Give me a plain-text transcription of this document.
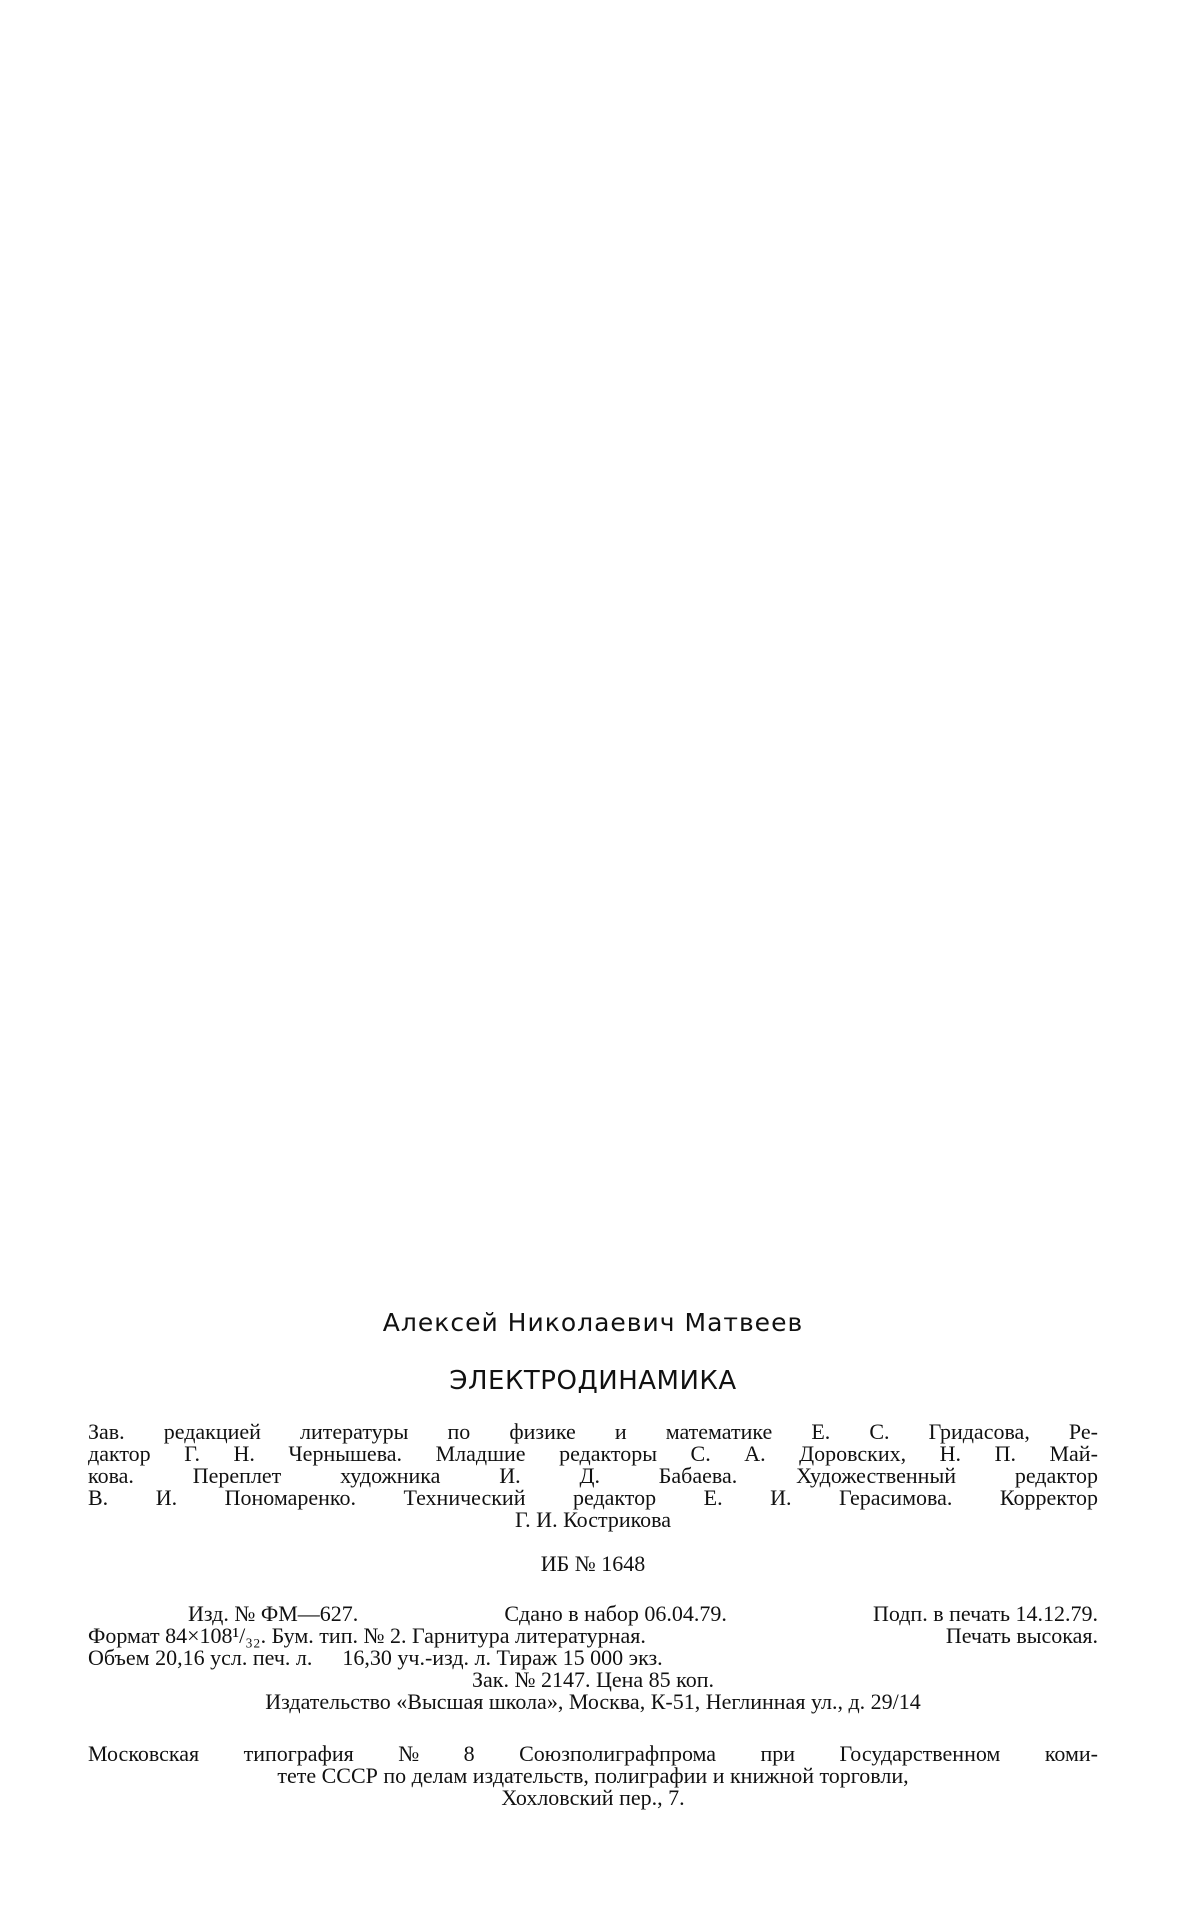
Алексей Николаевич Матвеев
ЭЛЕКТРОДИНАМИКА
Зав. редакцией литературы по физике и математике Е. С. Гридасова, Ре-
дактор Г. Н. Чернышева. Младшие редакторы С. А. Доровских, Н. П. Май-
кова.	Переплет	художника	И.	Д.	Бабаева.	Художественный	редактор
В. И. Пономаренко. Технический редактор Е. И. Герасимова. Корректор
Г. И. Кострикова
ИБ № 1648
Изд. № ФМ—627.	Сдано в набор 06.04.79.	Подп. в печать 14.12.79.
Формат 84×108¹/₃₂. Бум. тип. № 2. Гарнитура литературная.	Печать высокая.
Объем 20,16 усл. печ. л. 16,30 уч.-изд. л. Тираж 15 000 экз.
Зак. № 2147. Цена 85 коп.
Издательство «Высшая школа», Москва, К-51, Неглинная ул., д. 29/14
Московская типография № 8 Союзполиграфпрома при Государственном коми-
тете СССР по делам издательств, полиграфии и книжной торговли,
Хохловский пер., 7.
